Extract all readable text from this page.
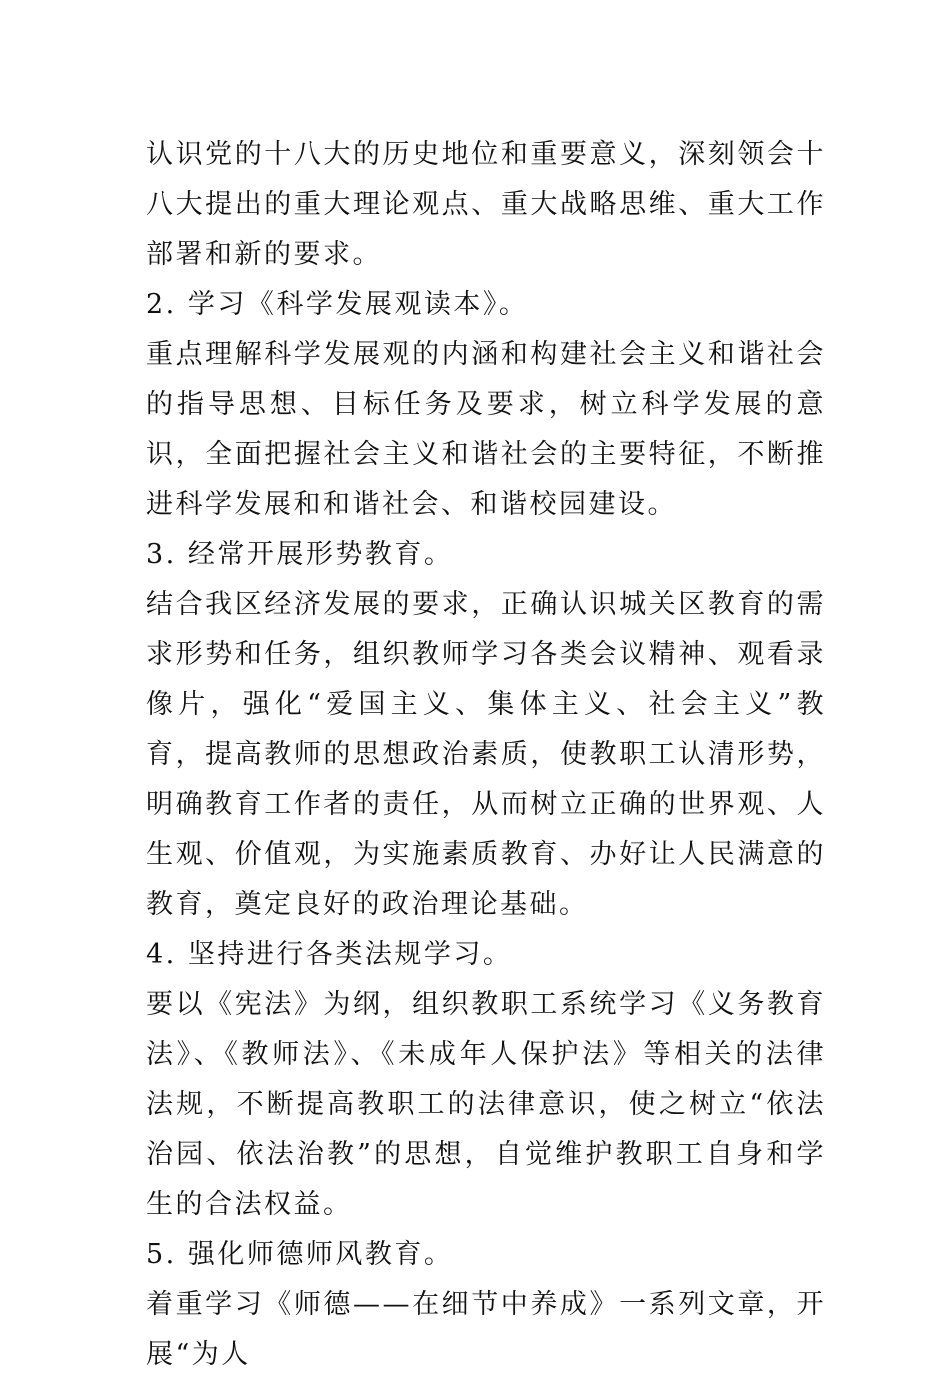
认识党的十八大的历史地位和重要意义，深刻领会十八大提出的重大理论观点、重大战略思维、重大工作部署和新的要求。

2. 学习《科学发展观读本》。

重点理解科学发展观的内涵和构建社会主义和谐社会的指导思想、目标任务及要求，树立科学发展的意识，全面把握社会主义和谐社会的主要特征，不断推进科学发展和和谐社会、和谐校园建设。

3. 经常开展形势教育。

结合我区经济发展的要求，正确认识城关区教育的需求形势和任务，组织教师学习各类会议精神、观看录像片，强化“爱国主义、集体主义、社会主义”教育，提高教师的思想政治素质，使教职工认清形势，明确教育工作者的责任，从而树立正确的世界观、人生观、价值观，为实施素质教育、办好让人民满意的教育，奠定良好的政治理论基础。

4. 坚持进行各类法规学习。

要以《宪法》为纲，组织教职工系统学习《义务教育法》、《教师法》、《未成年人保护法》等相关的法律法规，不断提高教职工的法律意识，使之树立“依法治园、依法治教”的思想，自觉维护教职工自身和学生的合法权益。

5. 强化师德师风教育。

着重学习《师德——在细节中养成》一系列文章，开展“为人
